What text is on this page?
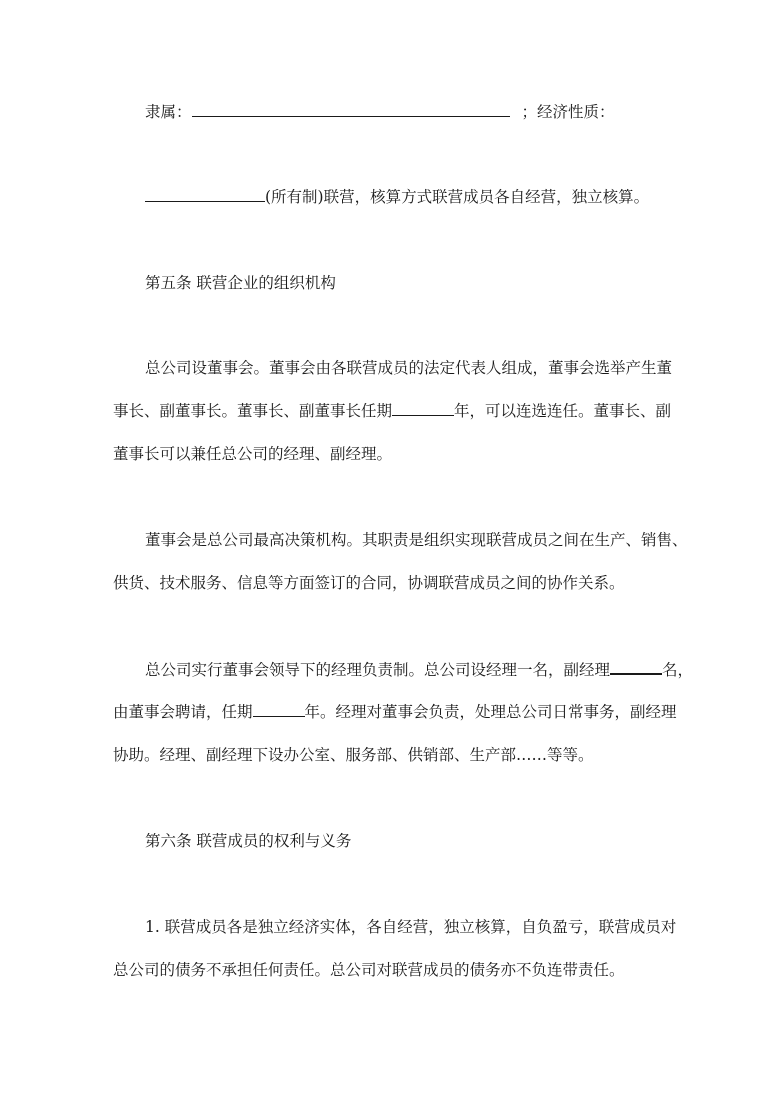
隶属：	；经济性质：
(所有制)联营，核算方式联营成员各自经营，独立核算。
第五条 联营企业的组织机构
总公司设董事会。董事会由各联营成员的法定代表人组成，董事会选举产生董
事长、副董事长。董事长、副董事长任期	年，可以连选连任。董事长、副
董事长可以兼任总公司的经理、副经理。
董事会是总公司最高决策机构。其职责是组织实现联营成员之间在生产、销售、
供货、技术服务、信息等方面签订的合同，协调联营成员之间的协作关系。
总公司实行董事会领导下的经理负责制。总公司设经理一名，副经理	名，
由董事会聘请，任期	年。经理对董事会负责，处理总公司日常事务，副经理
协助。经理、副经理下设办公室、服务部、供销部、生产部……等等。
第六条 联营成员的权利与义务
1. 联营成员各是独立经济实体，各自经营，独立核算，自负盈亏，联营成员对
总公司的债务不承担任何责任。总公司对联营成员的债务亦不负连带责任。
